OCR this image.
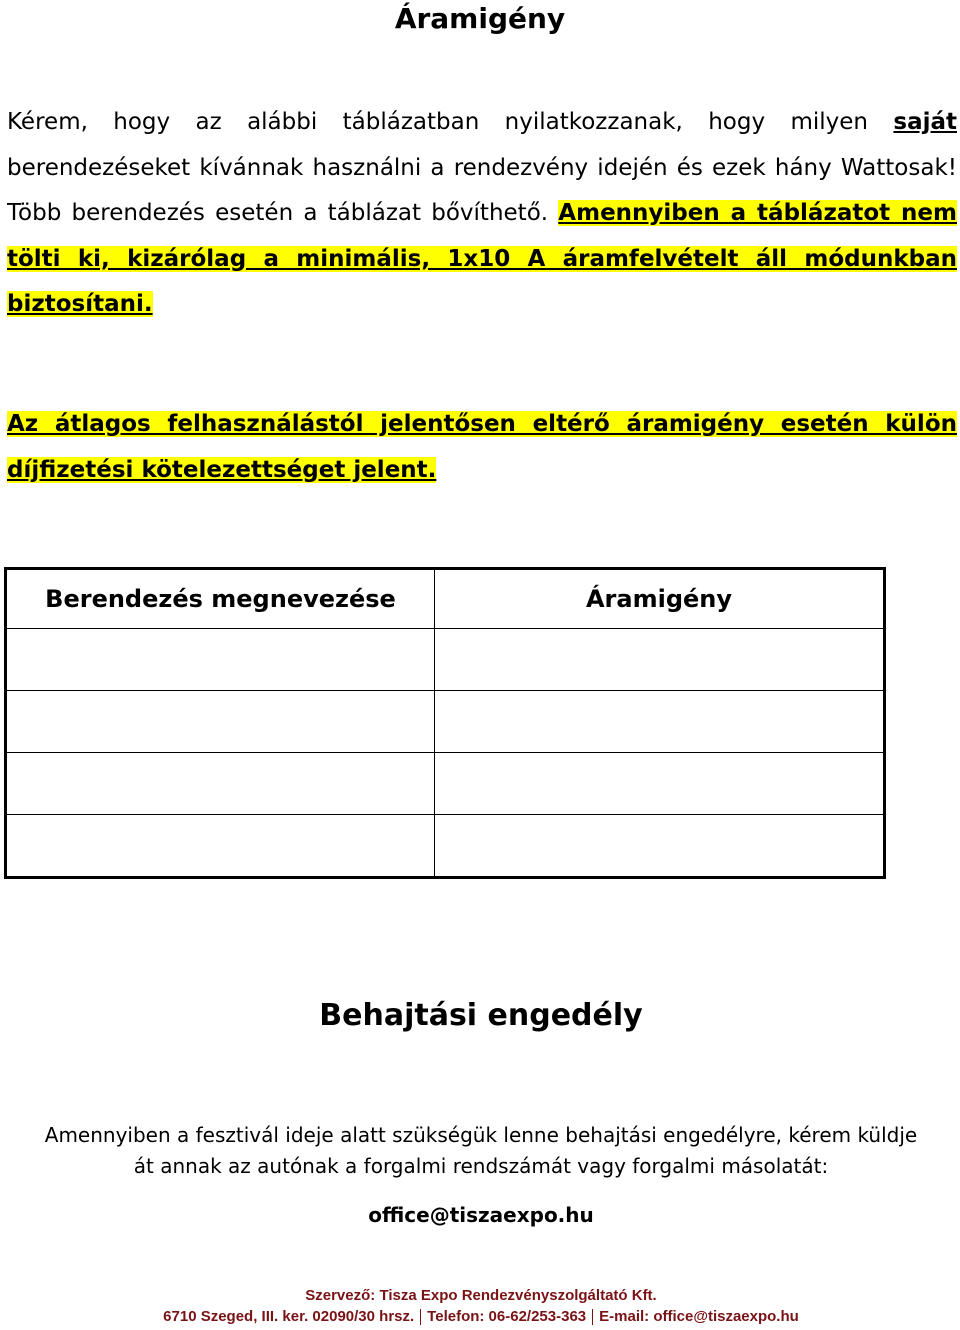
Áramigény

Kérem, hogy az alábbi táblázatban nyilatkozzanak, hogy milyen saját berendezéseket kívánnak használni a rendezvény idején és ezek hány Wattosak! Több berendezés esetén a táblázat bővíthető. Amennyiben a táblázatot nem tölti ki, kizárólag a minimális, 1x10 A áramfelvételt áll módunkban biztosítani.

Az átlagos felhasználástól jelentősen eltérő áramigény esetén külön díjfizetési kötelezettséget jelent.

Berendezés megnevezése	Áramigény

Behajtási engedély

Amennyiben a fesztivál ideje alatt szükségük lenne behajtási engedélyre, kérem küldje
át annak az autónak a forgalmi rendszámát vagy forgalmi másolatát:

office@tiszaexpo.hu

Szervező: Tisza Expo Rendezvényszolgáltató Kft.

6710 Szeged, III. ker. 02090/30 hrsz. Telefon: 06-62/253-363 E-mail: office@tiszaexpo.hu
